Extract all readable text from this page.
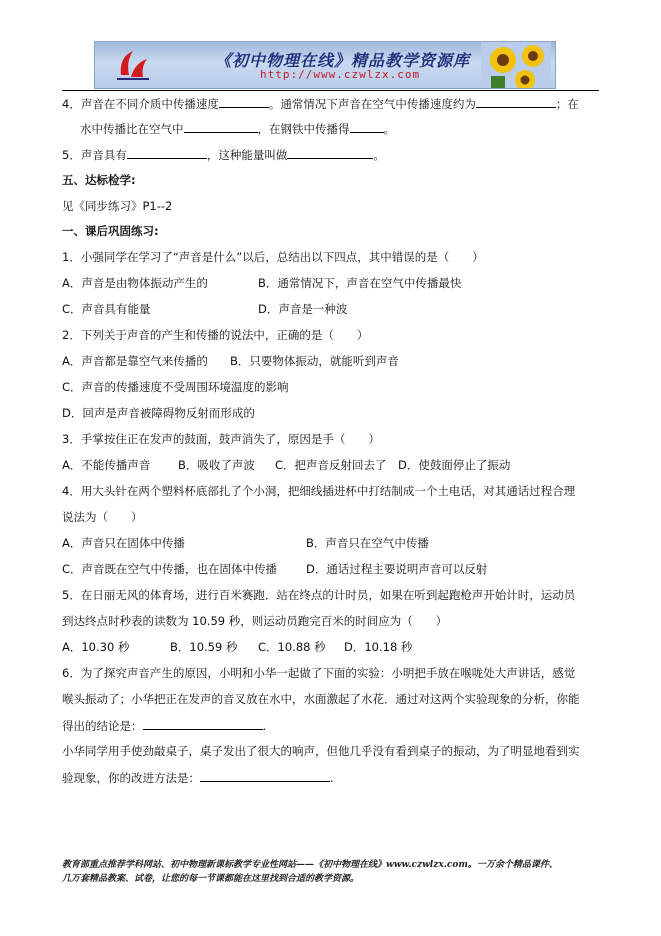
《初中物理在线》精品教学资源库
http://www.czwlzx.com
4．声音在不同介质中传播速度	。通常情况下声音在空气中传播速度约为	；在
水中传播比在空气中	，在钢铁中传播得	。
5．声音具有	，这种能量叫做	。
五、达标检学:
见《同步练习》P1--2
一、课后巩固练习:
1．小强同学在学习了“声音是什么”以后，总结出以下四点，其中错误的是（　　）
A．声音是由物体振动产生的	B．通常情况下，声音在空气中传播最快
C．声音具有能量	D．声音是一种波
2．下列关于声音的产生和传播的说法中，正确的是（　　）
A．声音都是靠空气来传播的 B．只要物体振动，就能听到声音
C．声音的传播速度不受周围环境温度的影响
D．回声是声音被障碍物反射而形成的
3．手掌按住正在发声的鼓面，鼓声消失了，原因是手（　　）
A．不能传播声音 B．吸收了声波 C．把声音反射回去了 D．使鼓面停止了振动
4．用大头针在两个塑料杯底部扎了个小洞，把细线插进杯中打结制成一个土电话，对其通话过程合理
说法为（　　）
A．声音只在固体中传播	B．声音只在空气中传播
C．声音既在空气中传播，也在固体中传播	D．通话过程主要说明声音可以反射
5．在日丽无风的体育场，进行百米赛跑．站在终点的计时员，如果在听到起跑枪声开始计时，运动员
到达终点时秒表的读数为 10.59 秒，则运动员跑完百米的时间应为（　　）
A．10.30 秒	B．10.59 秒 C．10.88 秒 D．10.18 秒
6．为了探究声音产生的原因，小明和小华一起做了下面的实验：小明把手放在喉咙处大声讲话，感觉
喉头振动了；小华把正在发声的音叉放在水中，水面激起了水花．通过对这两个实验现象的分析，你能
得出的结论是：	.
小华同学用手使劲敲桌子，桌子发出了很大的响声，但他几乎没有看到桌子的振动，为了明显地看到实
验现象，你的改进方法是：	.
教育部重点推荐学科网站、初中物理新课标教学专业性网站——《初中物理在线》www.czwlzx.com。一万余个精品课件、
几万套精品教案、试卷，让您的每一节课都能在这里找到合适的教学资源。
